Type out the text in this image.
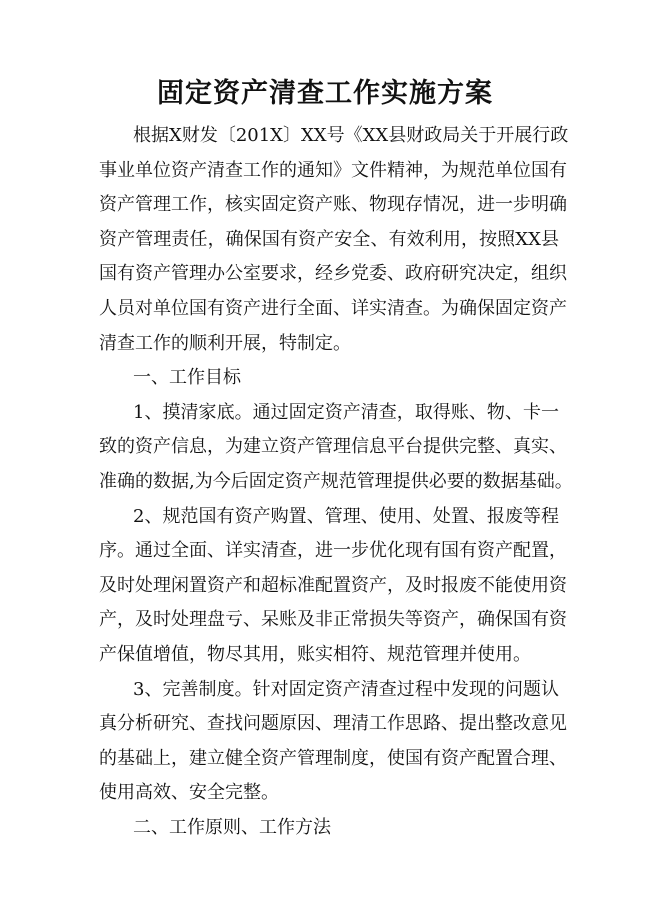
固定资产清查工作实施方案
根据X财发〔201X〕XX号《XX县财政局关于开展行政
事业单位资产清查工作的通知》文件精神，为规范单位国有
资产管理工作，核实固定资产账、物现存情况，进一步明确
资产管理责任，确保国有资产安全、有效利用，按照XX县
国有资产管理办公室要求，经乡党委、政府研究决定，组织
人员对单位国有资产进行全面、详实清查。为确保固定资产
清查工作的顺利开展，特制定。
一、工作目标
1、摸清家底。通过固定资产清查，取得账、物、卡一
致的资产信息，为建立资产管理信息平台提供完整、真实、
准确的数据,为今后固定资产规范管理提供必要的数据基础。
2、规范国有资产购置、管理、使用、处置、报废等程
序。通过全面、详实清查，进一步优化现有国有资产配置，
及时处理闲置资产和超标准配置资产，及时报废不能使用资
产，及时处理盘亏、呆账及非正常损失等资产，确保国有资
产保值增值，物尽其用，账实相符、规范管理并使用。
3、完善制度。针对固定资产清查过程中发现的问题认
真分析研究、查找问题原因、理清工作思路、提出整改意见
的基础上，建立健全资产管理制度，使国有资产配置合理、
使用高效、安全完整。
二、工作原则、工作方法
